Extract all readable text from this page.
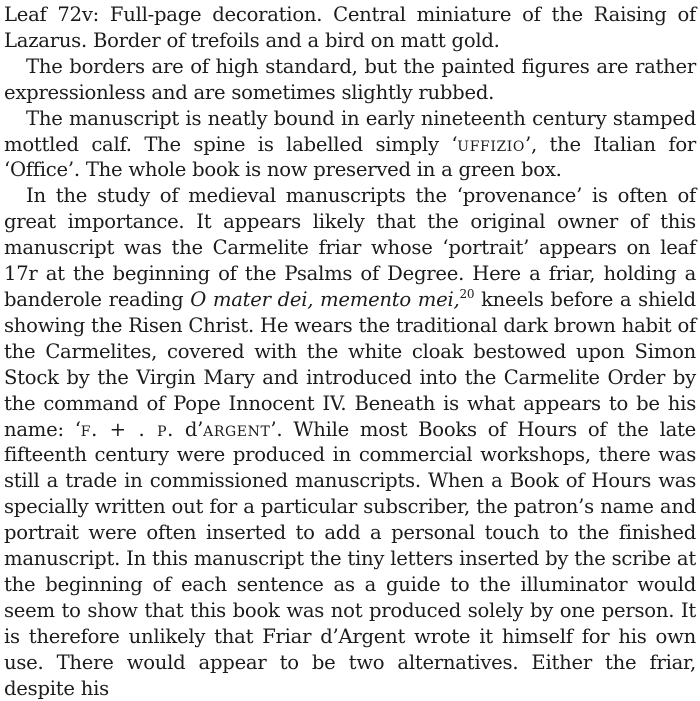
Leaf 72v: Full-page decoration. Central miniature of the Raising of Lazarus. Border of trefoils and a bird on matt gold.

The borders are of high standard, but the painted figures are rather expressionless and are sometimes slightly rubbed.

The manuscript is neatly bound in early nineteenth century stamped mottled calf. The spine is labelled simply ‘uffizio’, the Italian for ‘Office’. The whole book is now preserved in a green box.

In the study of medieval manuscripts the ‘provenance’ is often of great importance. It appears likely that the original owner of this manuscript was the Carmelite friar whose ‘portrait’ appears on leaf 17r at the beginning of the Psalms of Degree. Here a friar, holding a banderole reading O mater dei, memento mei,$^{20}$ kneels before a shield showing the Risen Christ. He wears the traditional dark brown habit of the Carmelites, covered with the white cloak bestowed upon Simon Stock by the Virgin Mary and introduced into the Carmelite Order by the command of Pope Innocent IV. Beneath is what appears to be his name: ‘f. + . p. d’argent’. While most Books of Hours of the late fifteenth century were produced in commercial workshops, there was still a trade in commissioned manuscripts. When a Book of Hours was specially written out for a particular subscriber, the patron’s name and portrait were often inserted to add a personal touch to the finished manuscript. In this manuscript the tiny letters inserted by the scribe at the beginning of each sentence as a guide to the illuminator would seem to show that this book was not produced solely by one person. It is therefore unlikely that Friar d’Argent wrote it himself for his own use. There would appear to be two alternatives. Either the friar, despite his
